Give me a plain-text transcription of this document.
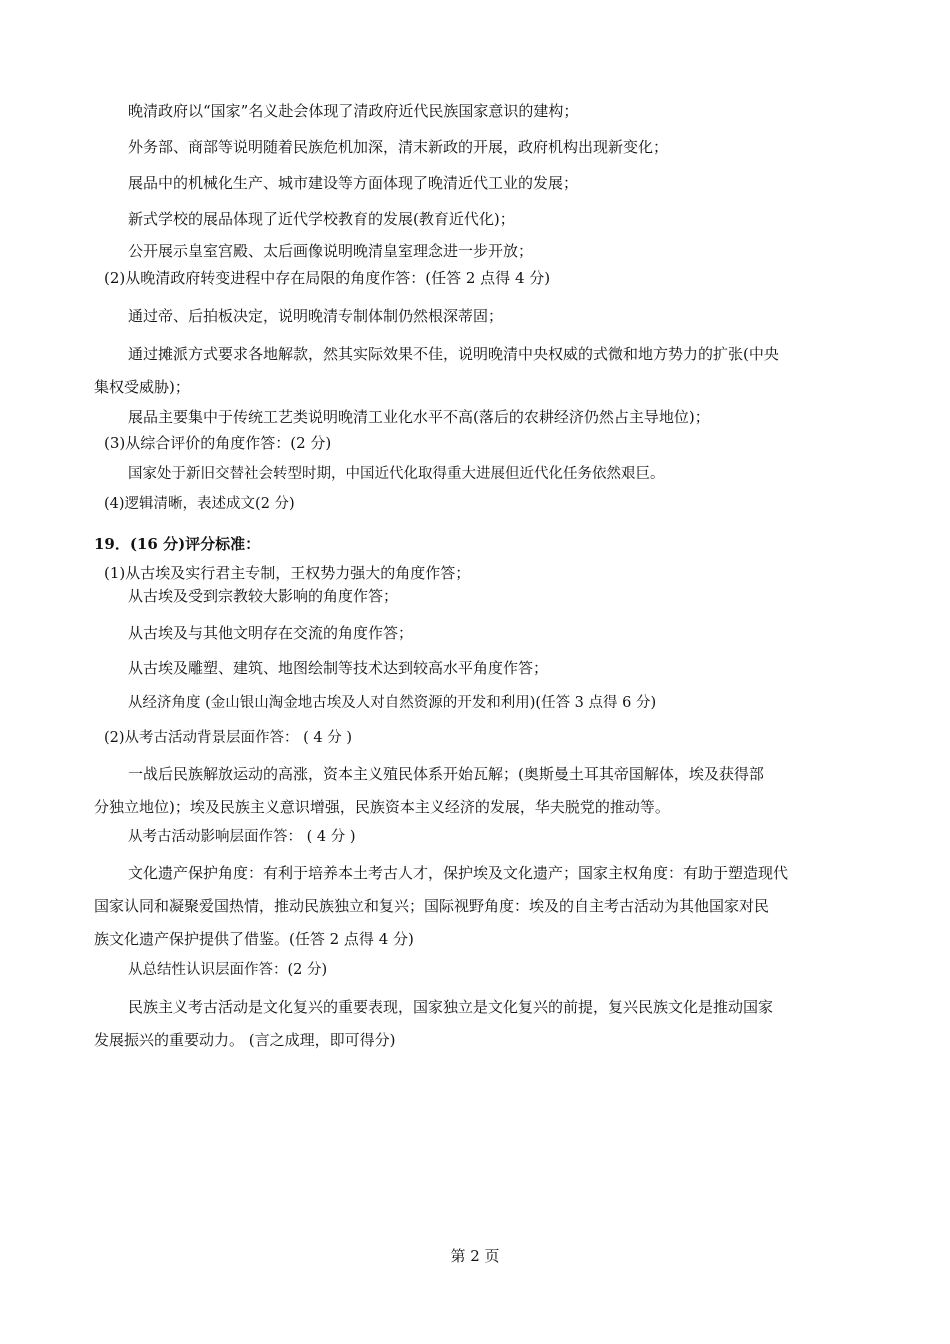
晚清政府以“国家”名义赴会体现了清政府近代民族国家意识的建构；
外务部、商部等说明随着民族危机加深，清末新政的开展，政府机构出现新变化；
展品中的机械化生产、城市建设等方面体现了晚清近代工业的发展；
新式学校的展品体现了近代学校教育的发展(教育近代化)；
公开展示皇室宫殿、太后画像说明晚清皇室理念进一步开放；
(2)从晚清政府转变进程中存在局限的角度作答：(任答 2 点得 4 分)
通过帝、后拍板决定，说明晚清专制体制仍然根深蒂固；
通过摊派方式要求各地解款，然其实际效果不佳，说明晚清中央权威的式微和地方势力的扩张(中央
集权受威胁)；
展品主要集中于传统工艺类说明晚清工业化水平不高(落后的农耕经济仍然占主导地位)；
(3)从综合评价的角度作答：(2 分)
国家处于新旧交替社会转型时期，中国近代化取得重大进展但近代化任务依然艰巨。
(4)逻辑清晰，表述成文(2 分)
19．(16 分)评分标准：
(1)从古埃及实行君主专制，王权势力强大的角度作答；
从古埃及受到宗教较大影响的角度作答；
从古埃及与其他文明存在交流的角度作答；
从古埃及雕塑、建筑、地图绘制等技术达到较高水平角度作答；
从经济角度 (金山银山淘金地古埃及人对自然资源的开发和利用)(任答 3 点得 6 分)
(2)从考古活动背景层面作答： ( 4 分 )
一战后民族解放运动的高涨，资本主义殖民体系开始瓦解；(奥斯曼土耳其帝国解体，埃及获得部
分独立地位)；埃及民族主义意识增强，民族资本主义经济的发展，华夫脱党的推动等。
从考古活动影响层面作答： ( 4 分 )
文化遗产保护角度：有利于培养本土考古人才，保护埃及文化遗产；国家主权角度：有助于塑造现代
国家认同和凝聚爱国热情，推动民族独立和复兴；国际视野角度：埃及的自主考古活动为其他国家对民
族文化遗产保护提供了借鉴。(任答 2 点得 4 分)
从总结性认识层面作答：(2 分)
民族主义考古活动是文化复兴的重要表现，国家独立是文化复兴的前提，复兴民族文化是推动国家
发展振兴的重要动力。 (言之成理，即可得分)
第 2 页
